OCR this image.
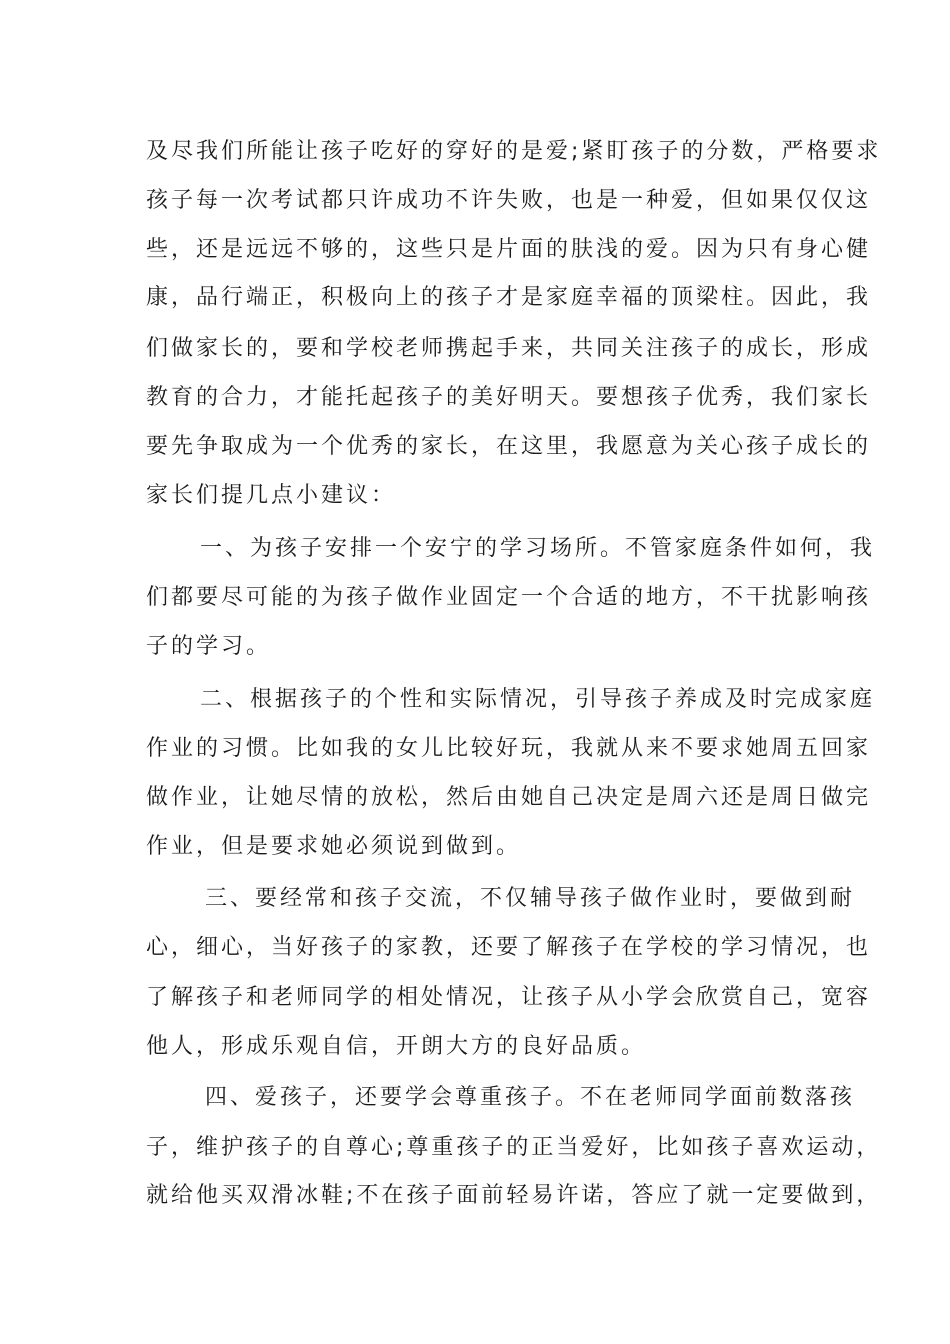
及尽我们所能让孩子吃好的穿好的是爱;紧盯孩子的分数，严格要求
孩子每一次考试都只许成功不许失败，也是一种爱，但如果仅仅这
些，还是远远不够的，这些只是片面的肤浅的爱。因为只有身心健
康，品行端正，积极向上的孩子才是家庭幸福的顶梁柱。因此，我
们做家长的，要和学校老师携起手来，共同关注孩子的成长，形成
教育的合力，才能托起孩子的美好明天。要想孩子优秀，我们家长
要先争取成为一个优秀的家长，在这里，我愿意为关心孩子成长的
家长们提几点小建议：
一、为孩子安排一个安宁的学习场所。不管家庭条件如何，我
们都要尽可能的为孩子做作业固定一个合适的地方，不干扰影响孩
子的学习。
二、根据孩子的个性和实际情况，引导孩子养成及时完成家庭
作业的习惯。比如我的女儿比较好玩，我就从来不要求她周五回家
做作业，让她尽情的放松，然后由她自己决定是周六还是周日做完
作业，但是要求她必须说到做到。
三、要经常和孩子交流，不仅辅导孩子做作业时，要做到耐
心，细心，当好孩子的家教，还要了解孩子在学校的学习情况，也
了解孩子和老师同学的相处情况，让孩子从小学会欣赏自己，宽容
他人，形成乐观自信，开朗大方的良好品质。
四、爱孩子，还要学会尊重孩子。不在老师同学面前数落孩
子，维护孩子的自尊心;尊重孩子的正当爱好，比如孩子喜欢运动，
就给他买双滑冰鞋;不在孩子面前轻易许诺，答应了就一定要做到，
